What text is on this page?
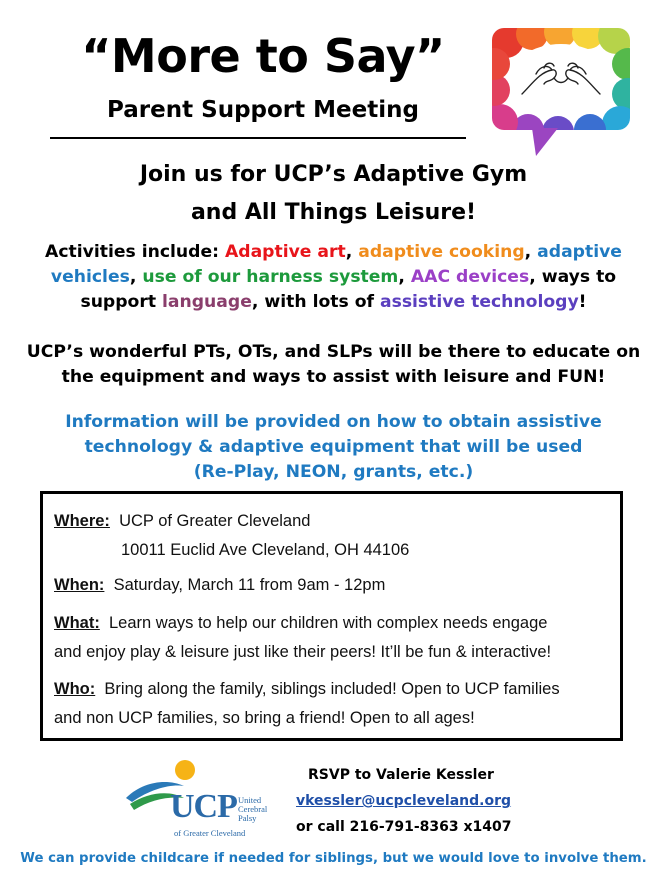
“More to Say”
Parent Support Meeting
Join us for UCP’s Adaptive Gym
and All Things Leisure!
Activities include: Adaptive art, adaptive cooking, adaptive vehicles, use of our harness system, AAC devices, ways to support language, with lots of assistive technology!
UCP’s wonderful PTs, OTs, and SLPs will be there to educate on the equipment and ways to assist with leisure and FUN!
Information will be provided on how to obtain assistive
technology & adaptive equipment that will be used
(Re-Play, NEON, grants, etc.)
Where: UCP of Greater Cleveland
10011 Euclid Ave Cleveland, OH 44106
When: Saturday, March 11 from 9am - 12pm
What: Learn ways to help our children with complex needs engage
and enjoy play & leisure just like their peers! It’ll be fun & interactive!
Who: Bring along the family, siblings included! Open to UCP families
and non UCP families, so bring a friend! Open to all ages!
UCP United
Cerebral
Palsy
of Greater Cleveland
RSVP to Valerie Kessler
vkessler@ucpcleveland.org
or call 216-791-8363 x1407
We can provide childcare if needed for siblings, but we would love to involve them.
